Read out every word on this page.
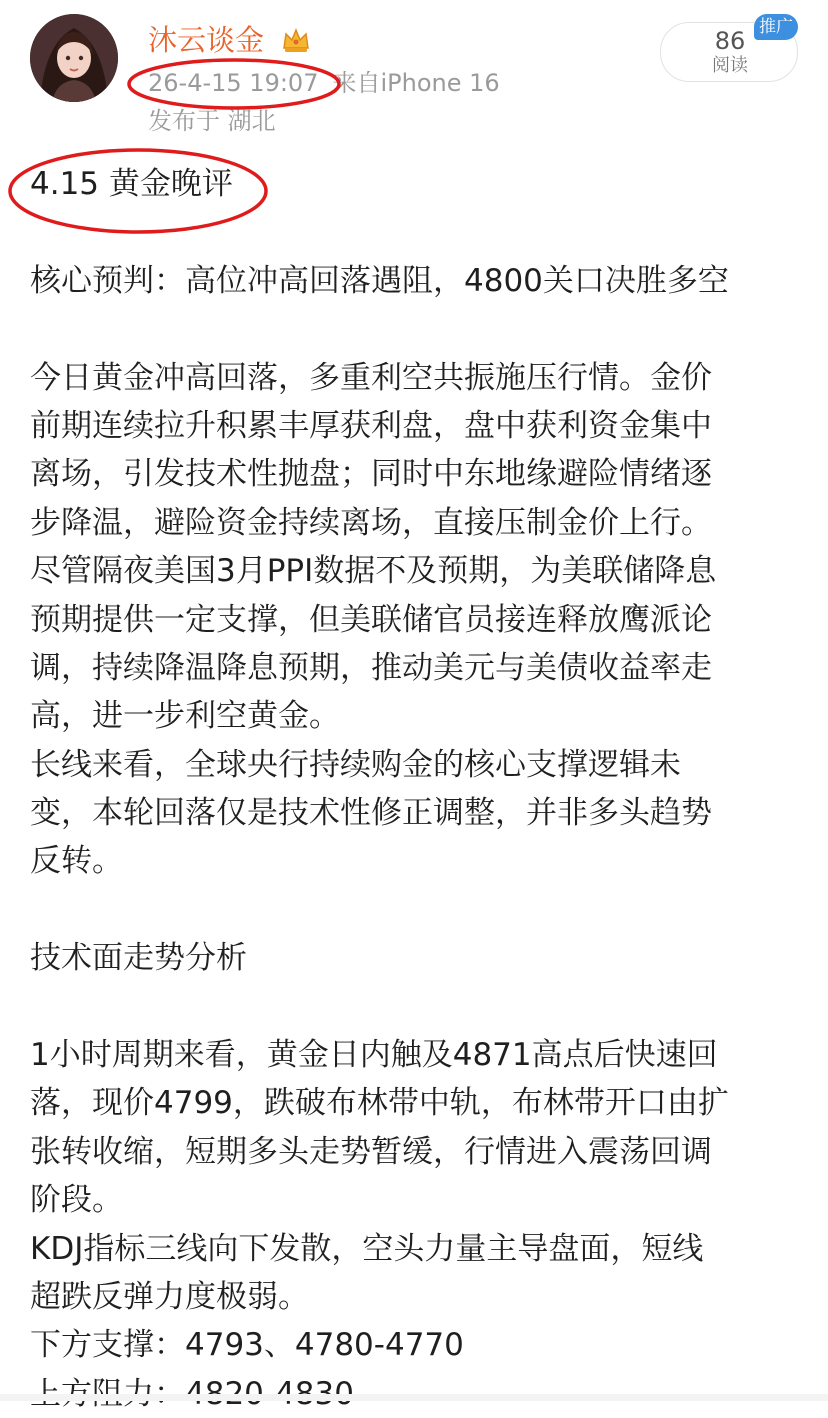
沐云谈金
26-4-15 19:07 来自iPhone 16
发布于 湖北
86
阅读
推广
4.15 黄金晚评
核心预判：高位冲高回落遇阻，4800关口决胜多空
今日黄金冲高回落，多重利空共振施压行情。金价
前期连续拉升积累丰厚获利盘，盘中获利资金集中
离场，引发技术性抛盘；同时中东地缘避险情绪逐
步降温，避险资金持续离场，直接压制金价上行。
尽管隔夜美国3月PPI数据不及预期，为美联储降息
预期提供一定支撑，但美联储官员接连释放鹰派论
调，持续降温降息预期，推动美元与美债收益率走
高，进一步利空黄金。
长线来看，全球央行持续购金的核心支撑逻辑未
变，本轮回落仅是技术性修正调整，并非多头趋势
反转。
技术面走势分析
1小时周期来看，黄金日内触及4871高点后快速回
落，现价4799，跌破布林带中轨，布林带开口由扩
张转收缩，短期多头走势暂缓，行情进入震荡回调
阶段。
KDJ指标三线向下发散，空头力量主导盘面，短线
超跌反弹力度极弱。
下方支撑：4793、4780-4770
